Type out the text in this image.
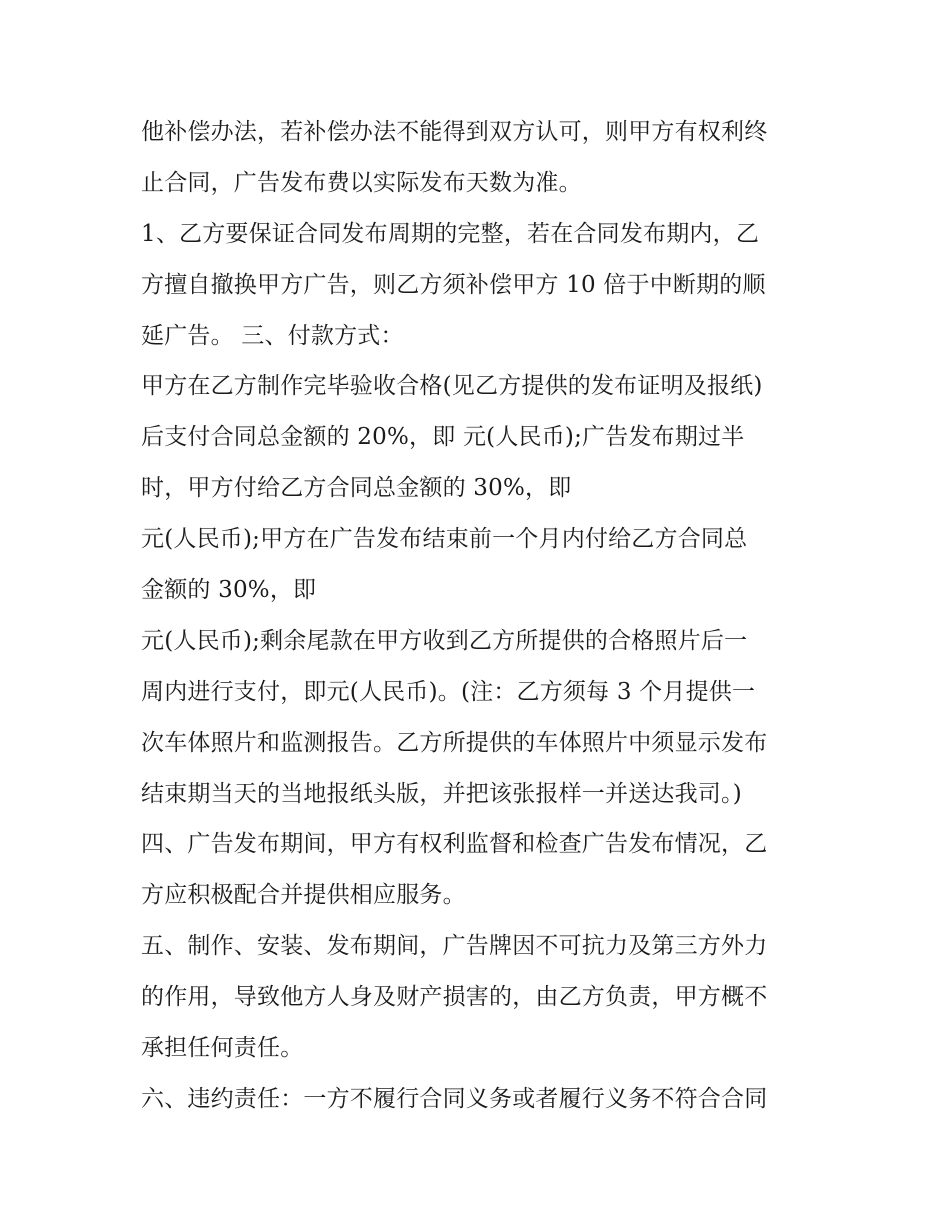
他补偿办法，若补偿办法不能得到双方认可，则甲方有权利终
止合同，广告发布费以实际发布天数为准。
1、乙方要保证合同发布周期的完整，若在合同发布期内，乙
方擅自撤换甲方广告，则乙方须补偿甲方 10 倍于中断期的顺
延广告。 三、付款方式：
甲方在乙方制作完毕验收合格(见乙方提供的发布证明及报纸)
后支付合同总金额的 20%，即 元(人民币);广告发布期过半
时，甲方付给乙方合同总金额的 30%，即
元(人民币);甲方在广告发布结束前一个月内付给乙方合同总
金额的 30%，即
元(人民币);剩余尾款在甲方收到乙方所提供的合格照片后一
周内进行支付，即元(人民币)。(注：乙方须每 3 个月提供一
次车体照片和监测报告。乙方所提供的车体照片中须显示发布
结束期当天的当地报纸头版，并把该张报样一并送达我司。)
四、广告发布期间，甲方有权利监督和检查广告发布情况，乙
方应积极配合并提供相应服务。
五、制作、安装、发布期间，广告牌因不可抗力及第三方外力
的作用，导致他方人身及财产损害的，由乙方负责，甲方概不
承担任何责任。
六、违约责任：一方不履行合同义务或者履行义务不符合合同
